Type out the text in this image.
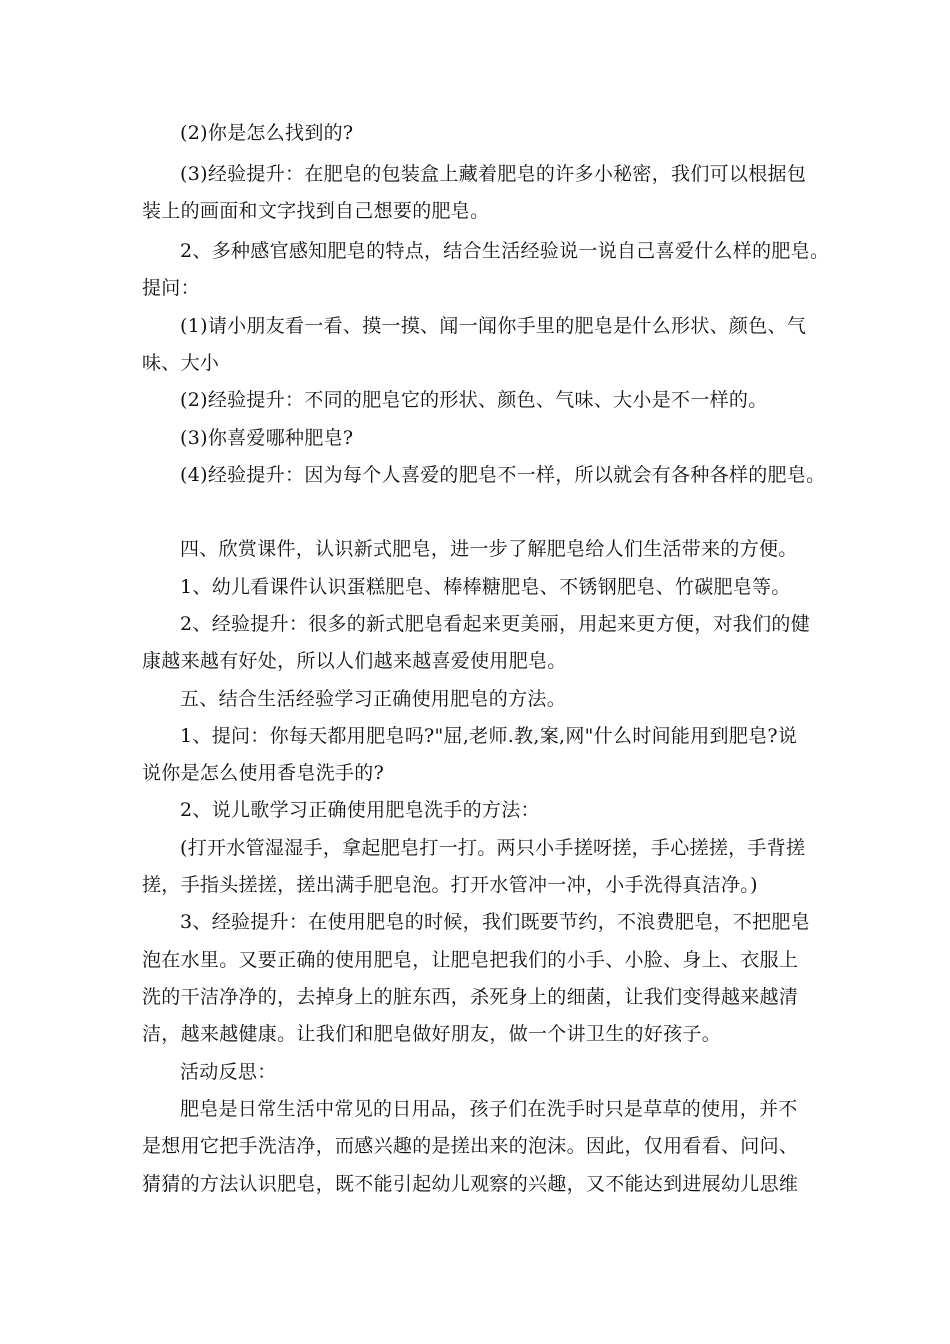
(2)你是怎么找到的?
(3)经验提升：在肥皂的包装盒上藏着肥皂的许多小秘密，我们可以根据包
装上的画面和文字找到自己想要的肥皂。
2、多种感官感知肥皂的特点，结合生活经验说一说自己喜爱什么样的肥皂。
提问：
(1)请小朋友看一看、摸一摸、闻一闻你手里的肥皂是什么形状、颜色、气
味、大小
(2)经验提升：不同的肥皂它的形状、颜色、气味、大小是不一样的。
(3)你喜爱哪种肥皂?
(4)经验提升：因为每个人喜爱的肥皂不一样，所以就会有各种各样的肥皂。
四、欣赏课件，认识新式肥皂，进一步了解肥皂给人们生活带来的方便。
1、幼儿看课件认识蛋糕肥皂、棒棒糖肥皂、不锈钢肥皂、竹碳肥皂等。
2、经验提升：很多的新式肥皂看起来更美丽，用起来更方便，对我们的健
康越来越有好处，所以人们越来越喜爱使用肥皂。
五、结合生活经验学习正确使用肥皂的方法。
1、提问：你每天都用肥皂吗?"屈,老师.教,案,网"什么时间能用到肥皂?说
说你是怎么使用香皂洗手的?
2、说儿歌学习正确使用肥皂洗手的方法：
(打开水管湿湿手，拿起肥皂打一打。两只小手搓呀搓，手心搓搓，手背搓
搓，手指头搓搓，搓出满手肥皂泡。打开水管冲一冲，小手洗得真洁净。)
3、经验提升：在使用肥皂的时候，我们既要节约，不浪费肥皂，不把肥皂
泡在水里。又要正确的使用肥皂，让肥皂把我们的小手、小脸、身上、衣服上
洗的干洁净净的，去掉身上的脏东西，杀死身上的细菌，让我们变得越来越清
洁，越来越健康。让我们和肥皂做好朋友，做一个讲卫生的好孩子。
活动反思：
肥皂是日常生活中常见的日用品，孩子们在洗手时只是草草的使用，并不
是想用它把手洗洁净，而感兴趣的是搓出来的泡沫。因此，仅用看看、问问、
猜猜的方法认识肥皂，既不能引起幼儿观察的兴趣，又不能达到进展幼儿思维
